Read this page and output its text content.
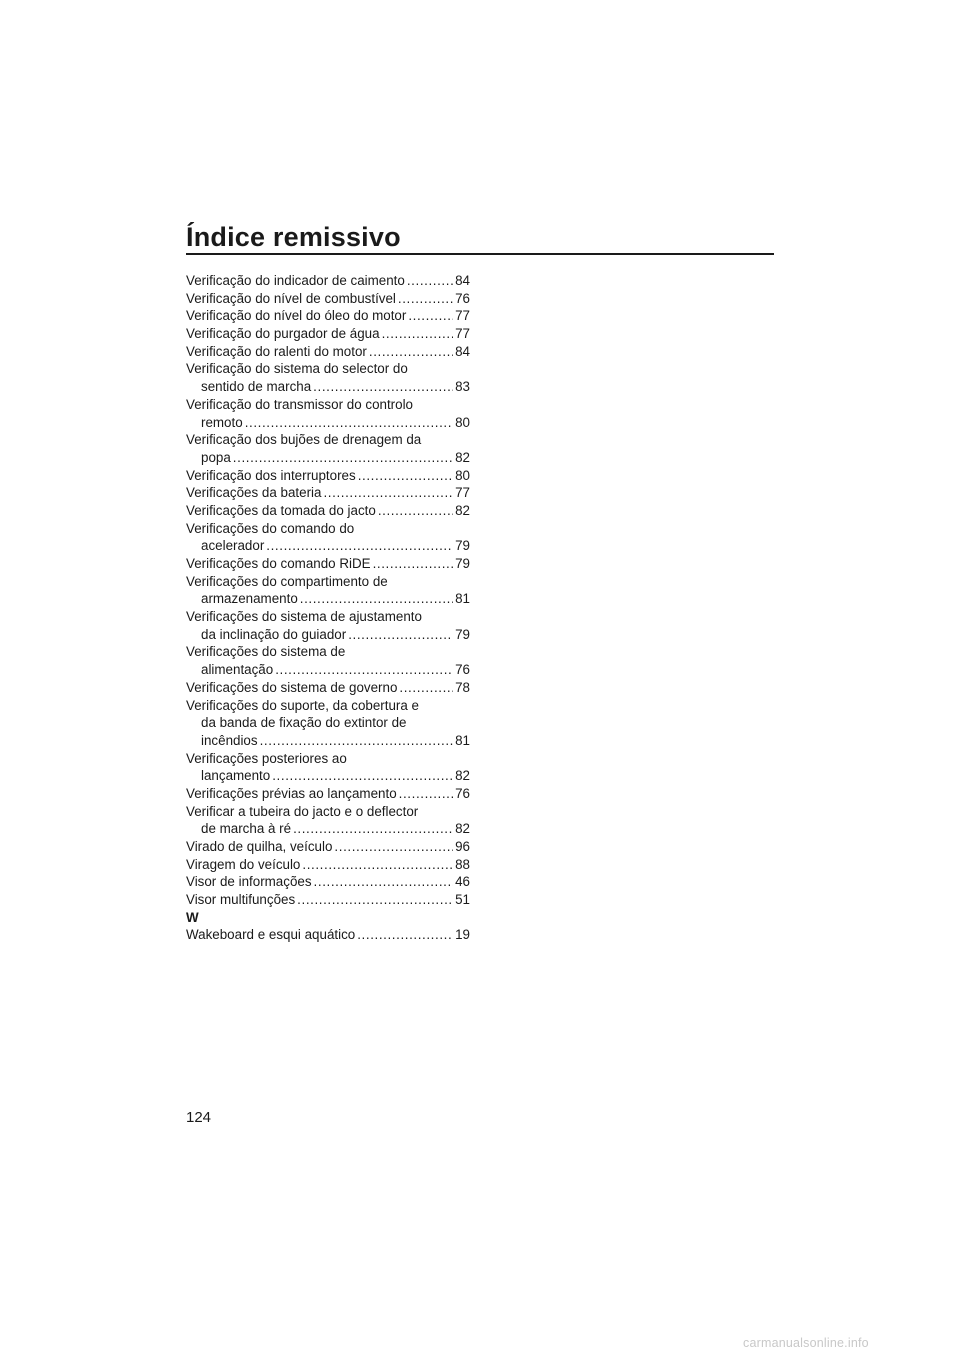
Índice remissivo
Verificação do indicador de caimento .....	84
Verificação do nível de combustível .....	76
Verificação do nível do óleo do motor .....	77
Verificação do purgador de água .....	77
Verificação do ralenti do motor .....	84
Verificação do sistema do selector do
sentido de marcha .....	83
Verificação do transmissor do controlo
remoto .....	80
Verificação dos bujões de drenagem da
popa .....	82
Verificação dos interruptores .....	80
Verificações da bateria .....	77
Verificações da tomada do jacto .....	82
Verificações do comando do
acelerador .....	79
Verificações do comando RiDE .....	79
Verificações do compartimento de
armazenamento .....	81
Verificações do sistema de ajustamento
da inclinação do guiador .....	79
Verificações do sistema de
alimentação .....	76
Verificações do sistema de governo .....	78
Verificações do suporte, da cobertura e
da banda de fixação do extintor de
incêndios .....	81
Verificações posteriores ao
lançamento .....	82
Verificações prévias ao lançamento .....	76
Verificar a tubeira do jacto e o deflector
de marcha à ré .....	82
Virado de quilha, veículo .....	96
Viragem do veículo .....	88
Visor de informações .....	46
Visor multifunções .....	51
W
Wakeboard e esqui aquático .....	19
124
carmanualsonline.info
